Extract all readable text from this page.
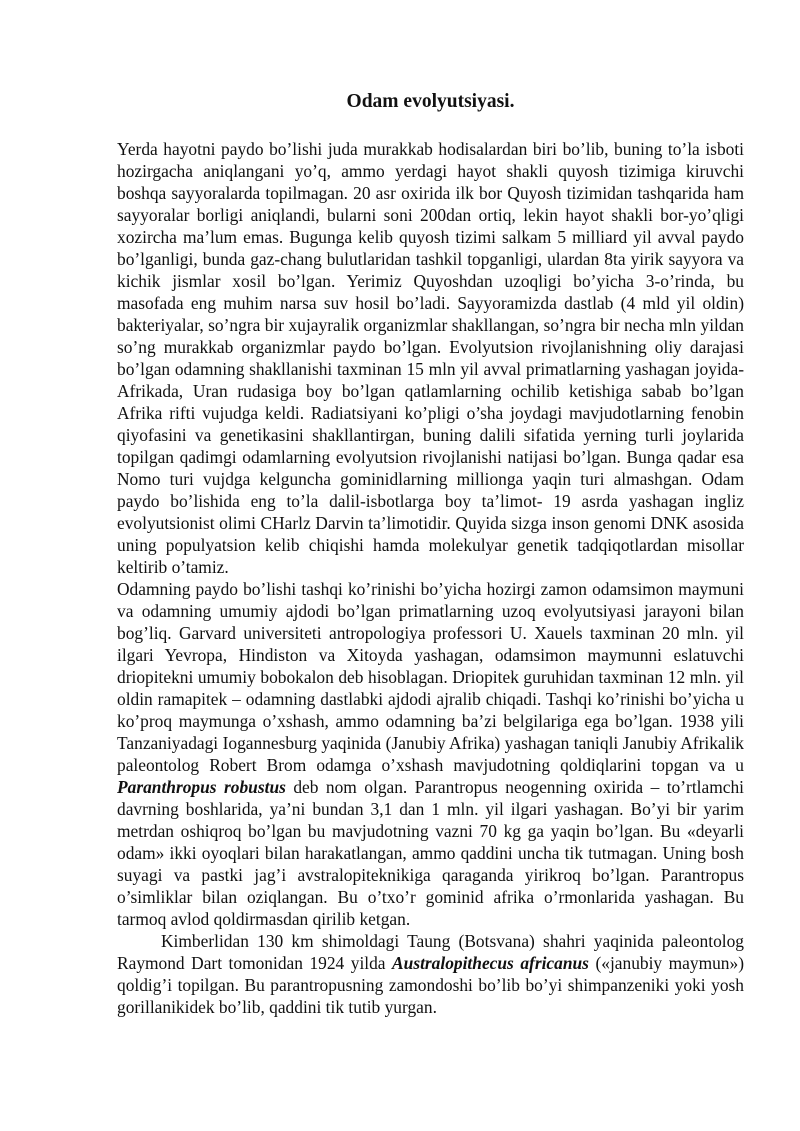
Odam evolyutsiyasi.

Yerda hayotni paydo bo’lishi juda murakkab hodisalardan biri bo’lib, buning to’la isboti hozirgacha aniqlangani yo’q, ammo yerdagi hayot shakli quyosh tizimiga kiruvchi boshqa sayyoralarda topilmagan. 20 asr oxirida ilk bor Quyosh tizimidan tashqarida ham sayyoralar borligi aniqlandi, bularni soni 200dan ortiq, lekin hayot shakli bor-yo’qligi xozircha ma’lum emas. Bugunga kelib quyosh tizimi salkam 5 milliard yil avval paydo bo’lganligi, bunda gaz-chang bulutlaridan tashkil topganligi, ulardan 8ta yirik sayyora va kichik jismlar xosil bo’lgan. Yerimiz Quyoshdan uzoqligi bo’yicha 3-o’rinda, bu masofada eng muhim narsa suv hosil bo’ladi. Sayyoramizda dastlab (4 mld yil oldin) bakteriyalar, so’ngra bir xujayralik organizmlar shakllangan, so’ngra bir necha mln yildan so’ng murakkab organizmlar paydo bo’lgan. Evolyutsion rivojlanishning oliy darajasi bo’lgan odamning shakllanishi taxminan 15 mln yil avval primatlarning yashagan joyida- Afrikada, Uran rudasiga boy bo’lgan qatlamlarning ochilib ketishiga sabab bo’lgan Afrika rifti vujudga keldi. Radiatsiyani ko’pligi o’sha joydagi mavjudotlarning fenobin qiyofasini va genetikasini shakllantirgan, buning dalili sifatida yerning turli joylarida topilgan qadimgi odamlarning evolyutsion rivojlanishi natijasi bo’lgan. Bunga qadar esa Nomo turi vujdga kelguncha gominidlarning millionga yaqin turi almashgan. Odam paydo bo’lishida eng to’la dalil-isbotlarga boy ta’limot- 19 asrda yashagan ingliz evolyutsionist olimi CHarlz Darvin ta’limotidir. Quyida sizga inson genomi DNK asosida uning populyatsion kelib chiqishi hamda molekulyar genetik tadqiqotlardan misollar keltirib o’tamiz.

Odamning paydo bo’lishi tashqi ko’rinishi bo’yicha hozirgi zamon odamsimon maymuni va odamning umumiy ajdodi bo’lgan primatlarning uzoq evolyutsiyasi jarayoni bilan bog’liq. Garvard universiteti antropologiya professori U. Xauels taxminan 20 mln. yil ilgari Yevropa, Hindiston va Xitoyda yashagan, odamsimon maymunni eslatuvchi driopitekni umumiy bobokalon deb hisoblagan. Driopitek guruhidan taxminan 12 mln. yil oldin ramapitek – odamning dastlabki ajdodi ajralib chiqadi. Tashqi ko’rinishi bo’yicha u ko’proq maymunga o’xshash, ammo odamning ba’zi belgilariga ega bo’lgan. 1938 yili Tanzaniyadagi Iogannesburg yaqinida (Janubiy Afrika) yashagan taniqli Janubiy Afrikalik paleontolog Robert Brom odamga o’xshash mavjudotning qoldiqlarini topgan va u Paranthropus robustus deb nom olgan. Parantropus neogenning oxirida – to’rtlamchi davrning boshlarida, ya’ni bundan 3,1 dan 1 mln. yil ilgari yashagan. Bo’yi bir yarim metrdan oshiqroq bo’lgan bu mavjudotning vazni 70 kg ga yaqin bo’lgan. Bu «deyarli odam» ikki oyoqlari bilan harakatlangan, ammo qaddini uncha tik tutmagan. Uning bosh suyagi va pastki jag’i avstralopiteknikiga qaraganda yirikroq bo’lgan. Parantropus o’simliklar bilan oziqlangan. Bu o’txo’r gominid afrika o’rmonlarida yashagan. Bu tarmoq avlod qoldirmasdan qirilib ketgan.

Kimberlidan 130 km shimoldagi Taung (Botsvana) shahri yaqinida paleontolog Raymond Dart tomonidan 1924 yilda Australopithecus africanus («janubiy maymun») qoldig’i topilgan. Bu parantropusning zamondoshi bo’lib bo’yi shimpanzeniki yoki yosh gorillanikidek bo’lib, qaddini tik tutib yurgan.
